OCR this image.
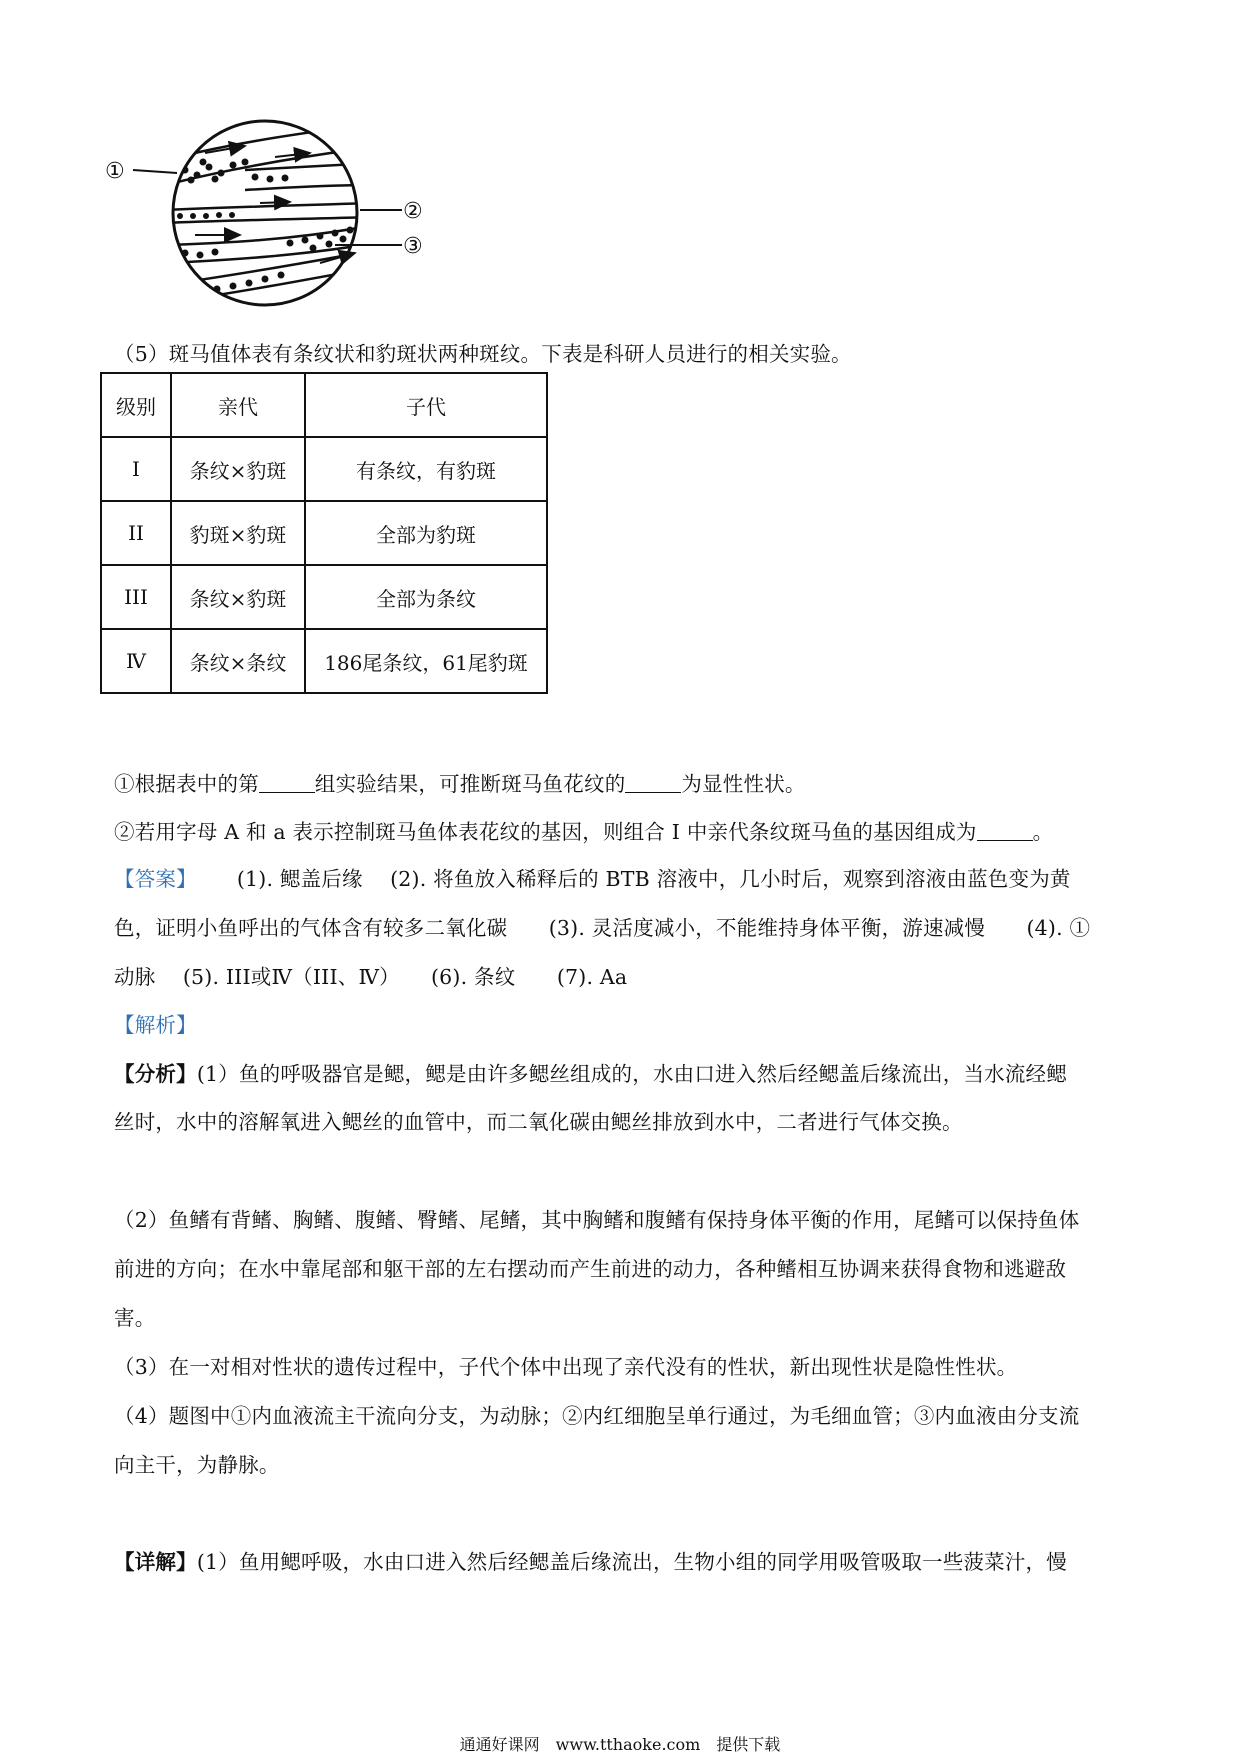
①
②
③
（5）斑马值体表有条纹状和豹斑状两种斑纹。下表是科研人员进行的相关实验。
级别	亲代	子代
I	条纹×豹斑	有条纹，有豹斑
II	豹斑×豹斑	全部为豹斑
III	条纹×豹斑	全部为条纹
Ⅳ	条纹×条纹	186尾条纹，61尾豹斑
①根据表中的第	组实验结果，可推断斑马鱼花纹的	为显性性状。
②若用字母 A 和 a 表示控制斑马鱼体表花纹的基因，则组合 I 中亲代条纹斑马鱼的基因组成为	。
【答案】 (1). 鳃盖后缘　 (2). 将鱼放入稀释后的 BTB 溶液中，几小时后，观察到溶液由蓝色变为黄
色，证明小鱼呼出的气体含有较多二氧化碳　　(3). 灵活度减小，不能维持身体平衡，游速减慢　　(4). ①
动脉　 (5). III或Ⅳ（III、Ⅳ）　　(6). 条纹　　(7). Aa
【解析】
【分析】(1）鱼的呼吸器官是鳃，鳃是由许多鳃丝组成的，水由口进入然后经鳃盖后缘流出，当水流经鳃
丝时，水中的溶解氧进入鳃丝的血管中，而二氧化碳由鳃丝排放到水中，二者进行气体交换。
（2）鱼鳍有背鳍、胸鳍、腹鳍、臀鳍、尾鳍，其中胸鳍和腹鳍有保持身体平衡的作用，尾鳍可以保持鱼体
前进的方向；在水中靠尾部和躯干部的左右摆动而产生前进的动力，各种鳍相互协调来获得食物和逃避敌
害。
（3）在一对相对性状的遗传过程中，子代个体中出现了亲代没有的性状，新出现性状是隐性性状。
（4）题图中①内血液流主干流向分支，为动脉；②内红细胞呈单行通过，为毛细血管；③内血液由分支流
向主干，为静脉。
【详解】(1）鱼用鳃呼吸，水由口进入然后经鳃盖后缘流出，生物小组的同学用吸管吸取一些菠菜汁，慢
通通好课网　www.tthaoke.com　提供下载
